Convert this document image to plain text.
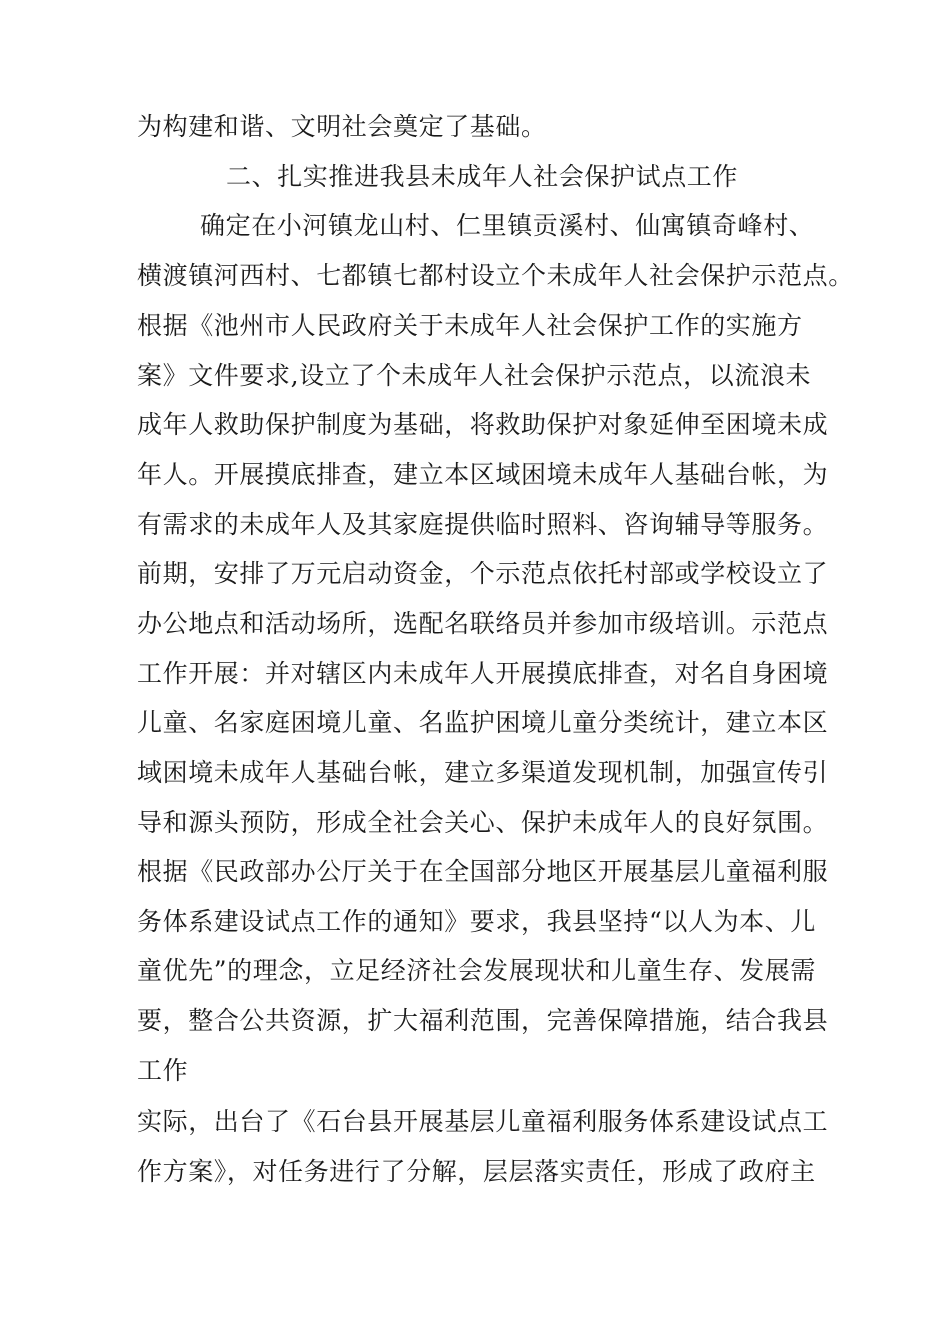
为构建和谐、文明社会奠定了基础。
二、扎实推进我县未成年人社会保护试点工作
确定在小河镇龙山村、仁里镇贡溪村、仙寓镇奇峰村、
横渡镇河西村、七都镇七都村设立个未成年人社会保护示范点。
根据《池州市人民政府关于未成年人社会保护工作的实施方
案》文件要求,设立了个未成年人社会保护示范点，以流浪未
成年人救助保护制度为基础，将救助保护对象延伸至困境未成
年人。开展摸底排查，建立本区域困境未成年人基础台帐，为
有需求的未成年人及其家庭提供临时照料、咨询辅导等服务。
前期，安排了万元启动资金，个示范点依托村部或学校设立了
办公地点和活动场所，选配名联络员并参加市级培训。示范点
工作开展：并对辖区内未成年人开展摸底排查，对名自身困境
儿童、名家庭困境儿童、名监护困境儿童分类统计，建立本区
域困境未成年人基础台帐，建立多渠道发现机制，加强宣传引
导和源头预防，形成全社会关心、保护未成年人的良好氛围。
根据《民政部办公厅关于在全国部分地区开展基层儿童福利服
务体系建设试点工作的通知》要求，我县坚持“以人为本、儿
童优先”的理念，立足经济社会发展现状和儿童生存、发展需
要，整合公共资源，扩大福利范围，完善保障措施，结合我县
工作
实际，出台了《石台县开展基层儿童福利服务体系建设试点工
作方案》，对任务进行了分解，层层落实责任，形成了政府主
